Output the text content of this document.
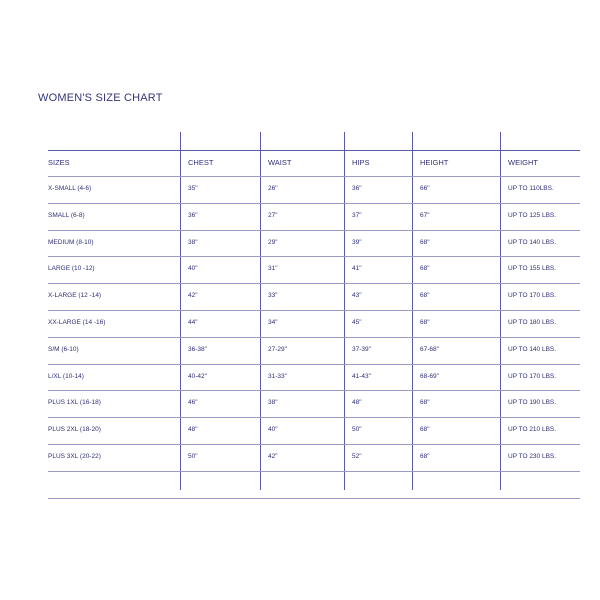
WOMEN'S SIZE CHART
SIZES	CHEST	WAIST	HIPS	HEIGHT	WEIGHT
X-SMALL (4-6)	35"	26"	36"	66"	UP TO 110LBS.
SMALL (6-8)	36"	27"	37"	67"	UP TO 125 LBS.
MEDIUM (8-10)	38"	29"	39"	68"	UP TO 140 LBS.
LARGE (10 -12)	40"	31"	41"	68"	UP TO 155 LBS.
X-LARGE (12 -14)	42"	33"	43"	68"	UP TO 170 LBS.
XX-LARGE (14 -16)	44"	34"	45"	68"	UP TO 180 LBS.
S/M (6-10)	36-38"	27-29"	37-39"	67-68"	UP TO 140 LBS.
L/XL (10-14)	40-42"	31-33"	41-43"	68-69"	UP TO 170 LBS.
PLUS 1XL (16-18)	46"	38"	48"	68"	UP TO 190 LBS.
PLUS 2XL (18-20)	48"	40"	50"	68"	UP TO 210 LBS.
PLUS 3XL (20-22)	50"	42"	52"	68"	UP TO 230 LBS.
